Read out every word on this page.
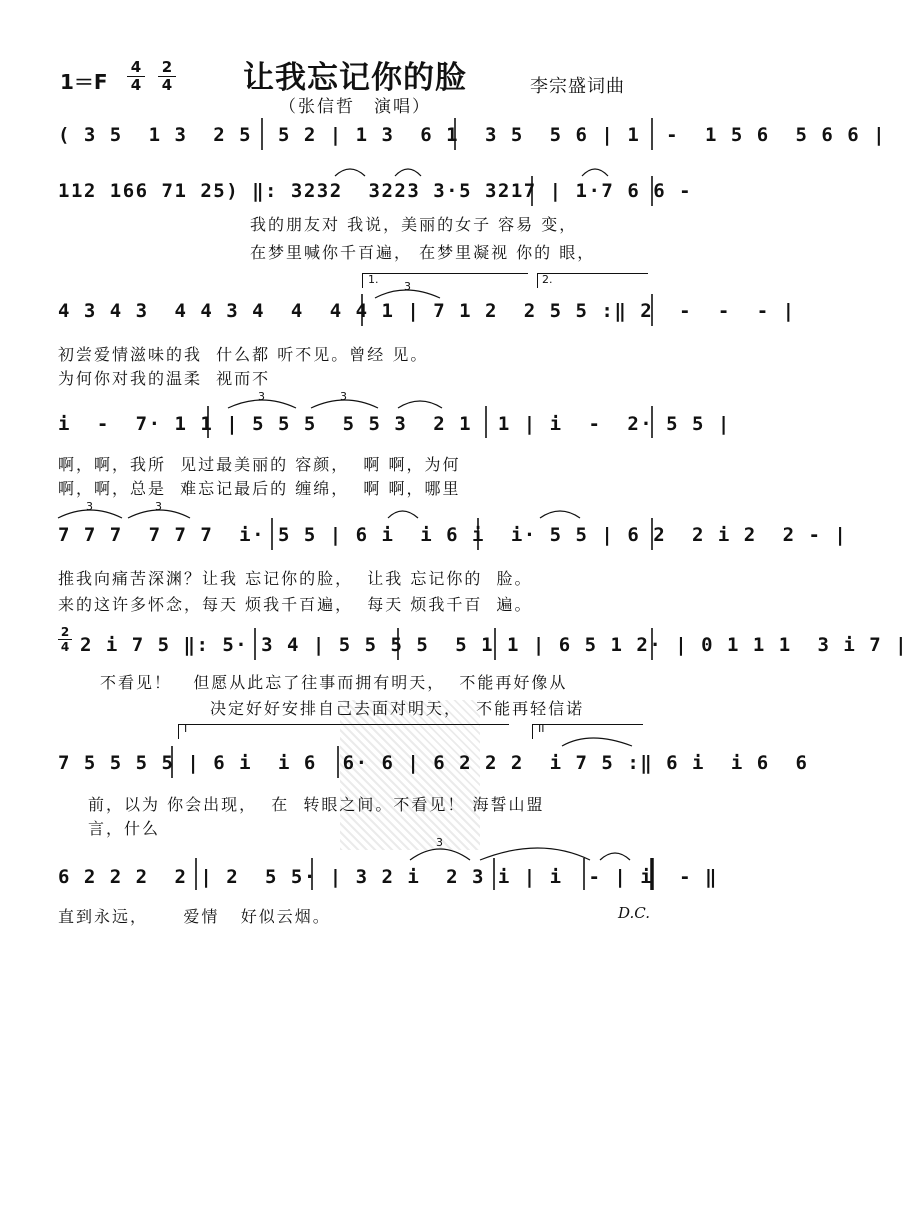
1＝F
4
4
2
4	让我忘记你的脸
（张信哲　演唱）
李宗盛词曲
( 3 5  1 3  2 5  5 2 | 1 3  6 1  3 5  5 6 | 1  -  1 5 6  5 6 6 |
112 166 71 25) ‖: 3232  3223 3·5 3217 | 1·7 6 6 -
我的朋友对 我说，美丽的女子 容易 变，
在梦里喊你千百遍， 在梦里凝视 你的 眼，
1.	2.
4 3 4 3  4 4 3 4  4  4 4 1 | 7 1 2  2 5 5 :‖ 2  -  -  - |
初尝爱情滋味的我  什么都 听不见。曾经 见。
为何你对我的温柔  视而不
i  -  7· 1 1 | 5 5 5  5 5 3  2 1  1 | i  -  2· 5 5 |
啊，啊，我所  见过最美丽的 容颜，  啊 啊，为何
啊，啊，总是  难忘记最后的 缠绵，  啊 啊，哪里
7 7 7  7 7 7  i· 5 5 | 6 i  i 6 i  i· 5 5 | 6 2  2 i 2  2 - |
推我向痛苦深渊？让我 忘记你的脸，  让我 忘记你的  脸。
来的这许多怀念，每天 烦我千百遍，  每天 烦我千百  遍。
2
4 2 i 7 5 ‖: 5· 3 4 | 5 5 5 5  5 1 1 | 6 5 1 2· | 0 1 1 1  3 i 7 |
不看见！   但愿从此忘了往事而拥有明天，  不能再好像从
决定好好安排自己去面对明天，  不能再轻信诺
I	II
7 5 5 5 5 | 6 i  i 6  6· 6 | 6 2 2 2  i 7 5 :‖ 6 i  i 6  6
前，以为 你会出现，  在  转眼之间。不看见！ 海誓山盟
言，什么
6 2 2 2  2 | 2  5 5· | 3 2 i  2 3 i | i  - | i  - ‖
直到永远，     爱情   好似云烟。	D.C.
3
3	3
3	3
3
